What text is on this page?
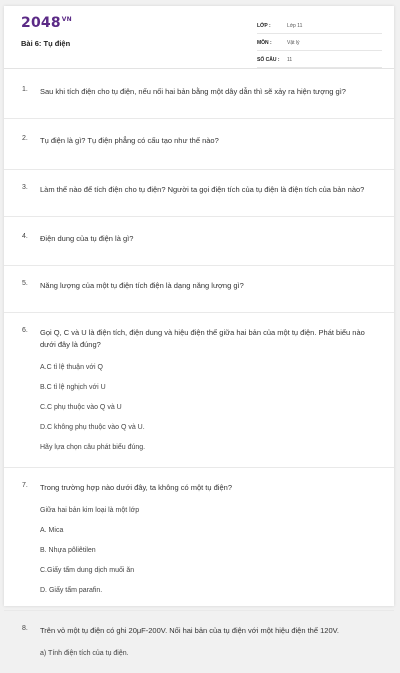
$2048^{VN}$
Bài 6: Tụ điện
LỚP :	Lớp 11
MÔN :	Vật lý
SỐ CÂU :	11
1. Sau khi tích điện cho tụ điện, nếu nối hai bản bằng một dây dẫn thì sẽ xảy ra hiện tượng gì?
2. Tụ điện là gì? Tụ điện phẳng có cấu tạo như thế nào?
3. Làm thế nào để tích điện cho tụ điện? Người ta gọi điện tích của tụ điện là điện tích của bản nào?
4. Điện dung của tụ điện là gì?
5. Năng lượng của một tụ điện tích điện là dạng năng lượng gì?
6. Gọi Q, C và U là điện tích, điện dung và hiệu điện thế giữa hai bản của một tụ điện. Phát biểu nào dưới đây là đúng?
A.C tỉ lệ thuận với Q
B.C tỉ lệ nghịch với U
C.C phụ thuộc vào Q và U
D.C không phụ thuộc vào Q và U.
Hãy lựa chọn câu phát biểu đúng.
7. Trong trường hợp nào dưới đây, ta không có một tụ điện?
Giữa hai bản kim loại là một lớp
A. Mica
B. Nhựa pôliêtilen
C.Giấy tẩm dung dịch muối ăn
D. Giấy tẩm parafin.
8. Trên vỏ một tụ điện có ghi 20μF-200V. Nối hai bản của tụ điện với một hiệu điện thế 120V.
a) Tính điện tích của tụ điện.
